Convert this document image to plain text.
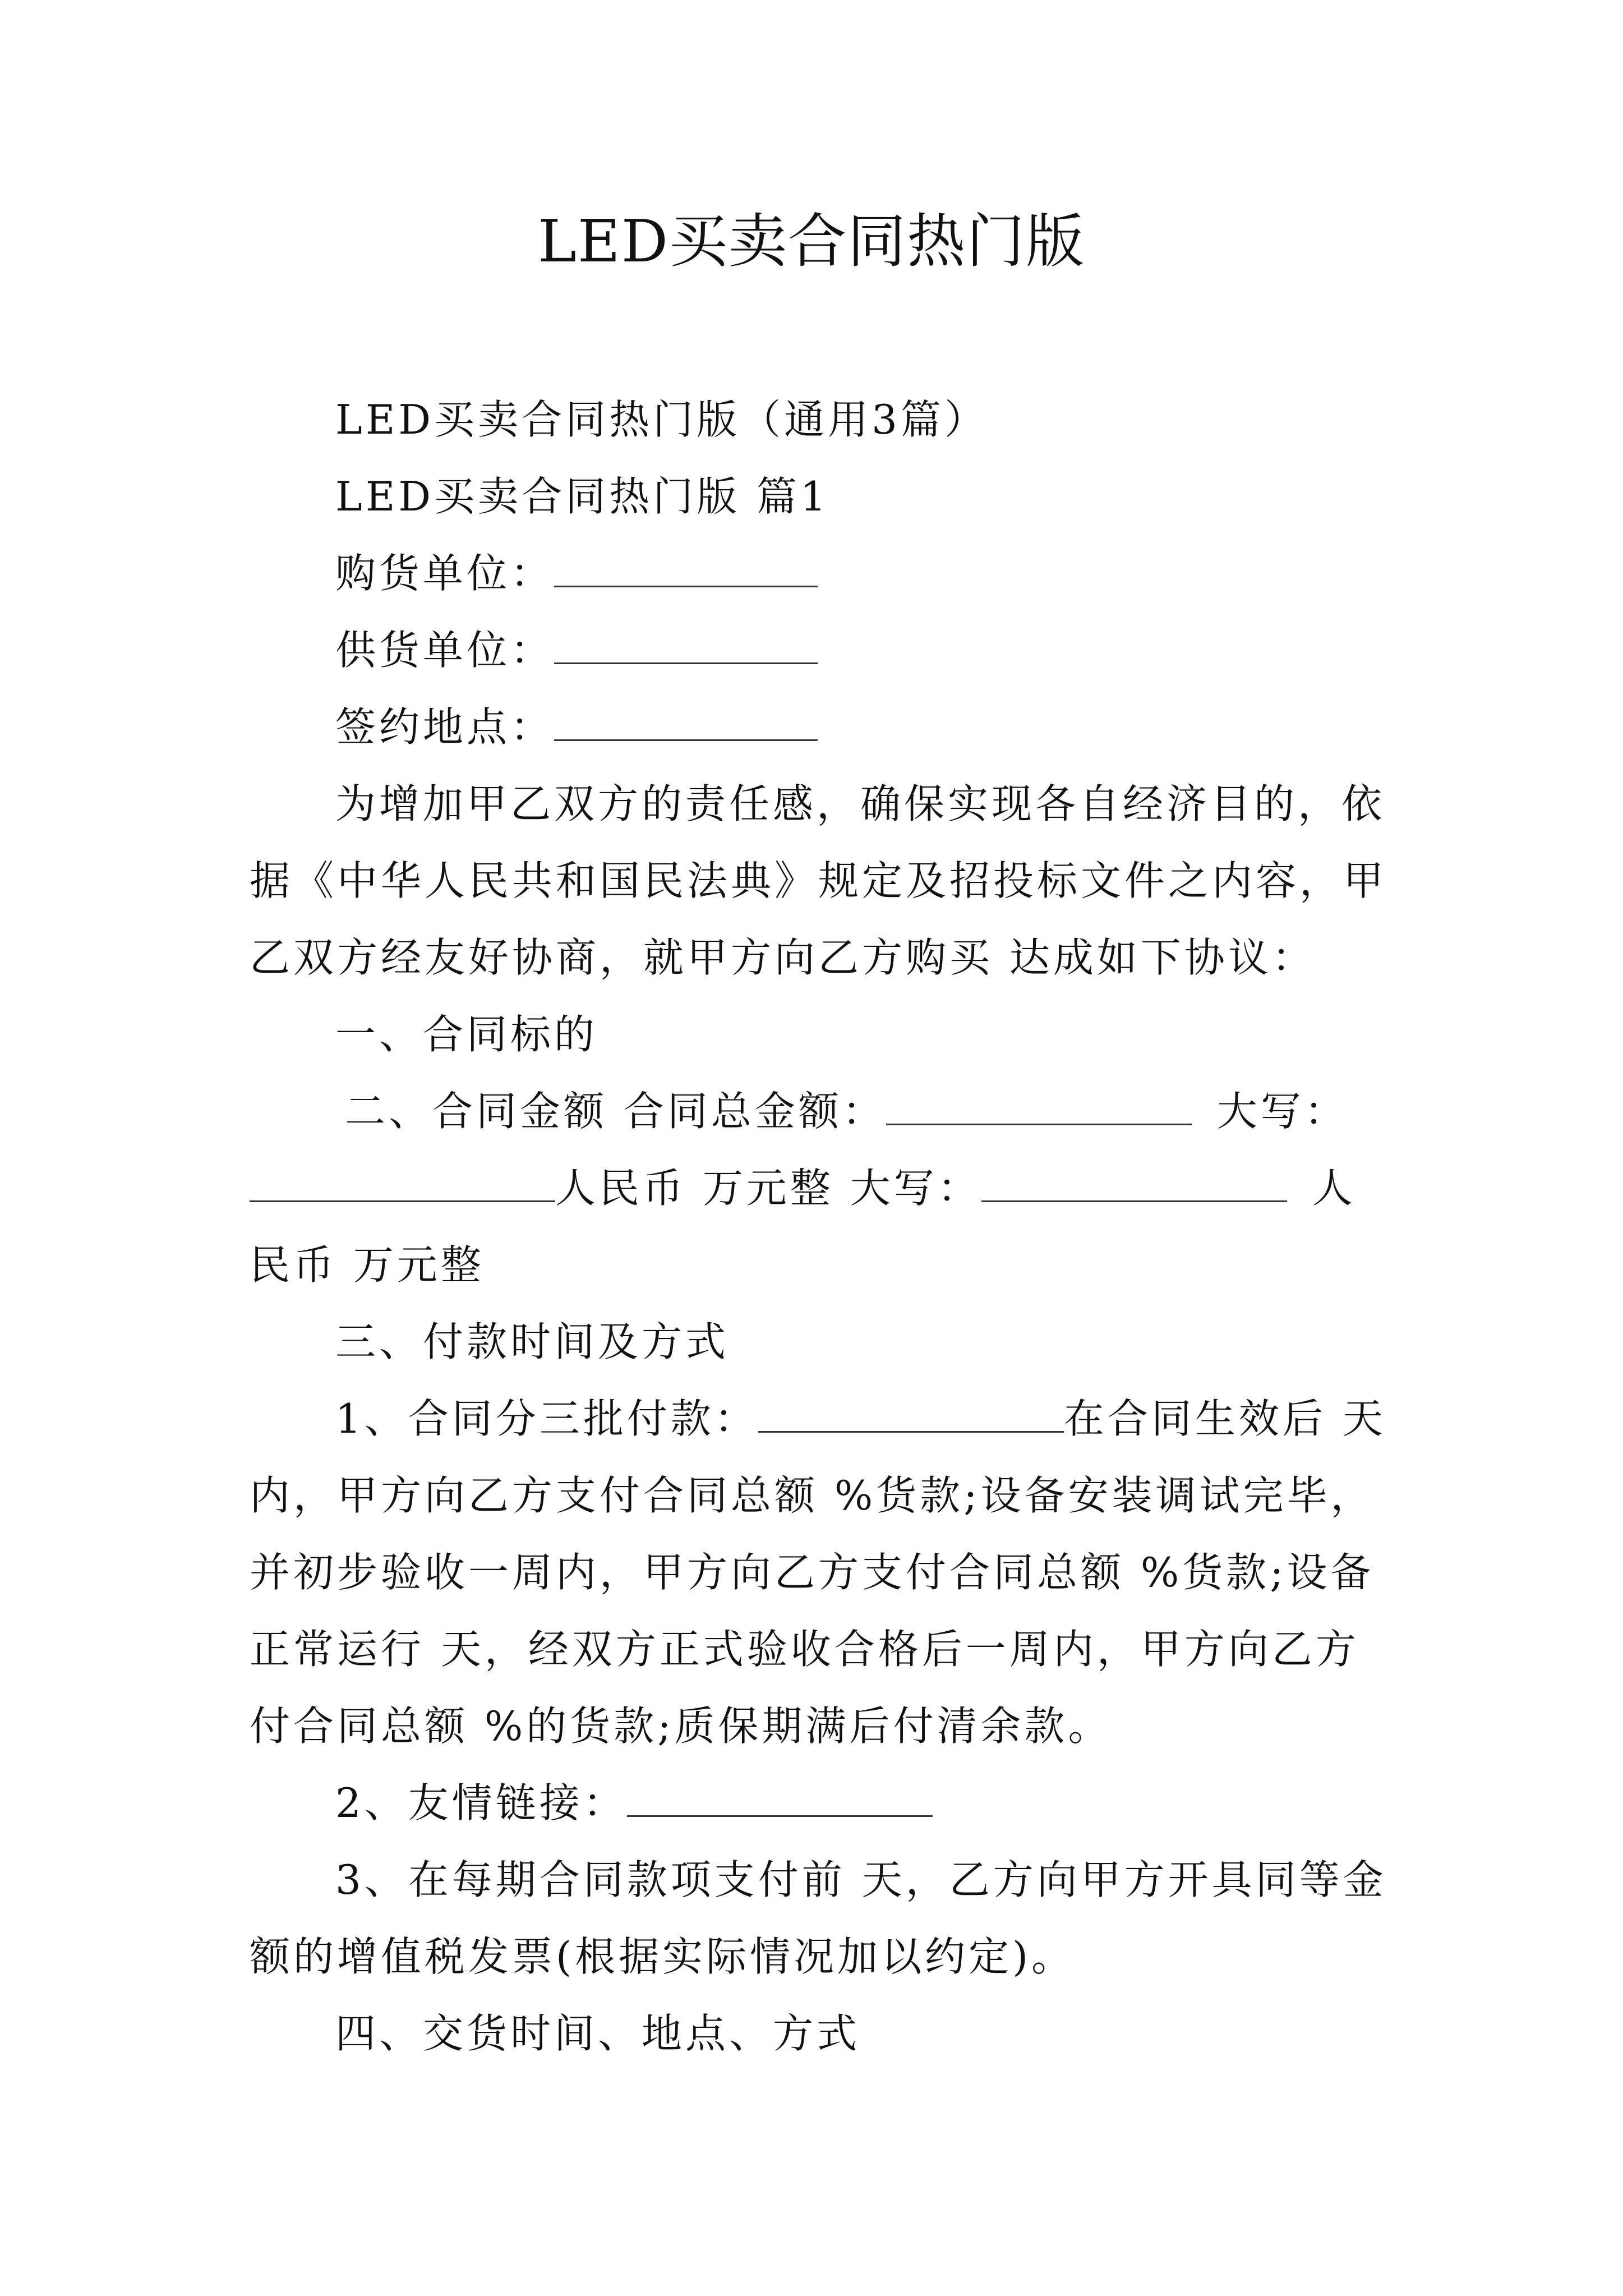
LED买卖合同热门版
LED买卖合同热门版（通用3篇）
LED买卖合同热门版 篇1
购货单位：
供货单位：
签约地点：
为增加甲乙双方的责任感，确保实现各自经济目的，依
据《中华人民共和国民法典》规定及招投标文件之内容，甲
乙双方经友好协商，就甲方向乙方购买 达成如下协议：
一、合同标的
二、合同金额 合同总金额：	大写：
人民币 万元整 大写：	人
民币 万元整
三、付款时间及方式
1、合同分三批付款：	在合同生效后 天
内，甲方向乙方支付合同总额 %货款;设备安装调试完毕，
并初步验收一周内，甲方向乙方支付合同总额 %货款;设备
正常运行 天，经双方正式验收合格后一周内，甲方向乙方
付合同总额 %的货款;质保期满后付清余款。
2、友情链接：
3、在每期合同款项支付前 天，乙方向甲方开具同等金
额的增值税发票(根据实际情况加以约定)。
四、交货时间、地点、方式
